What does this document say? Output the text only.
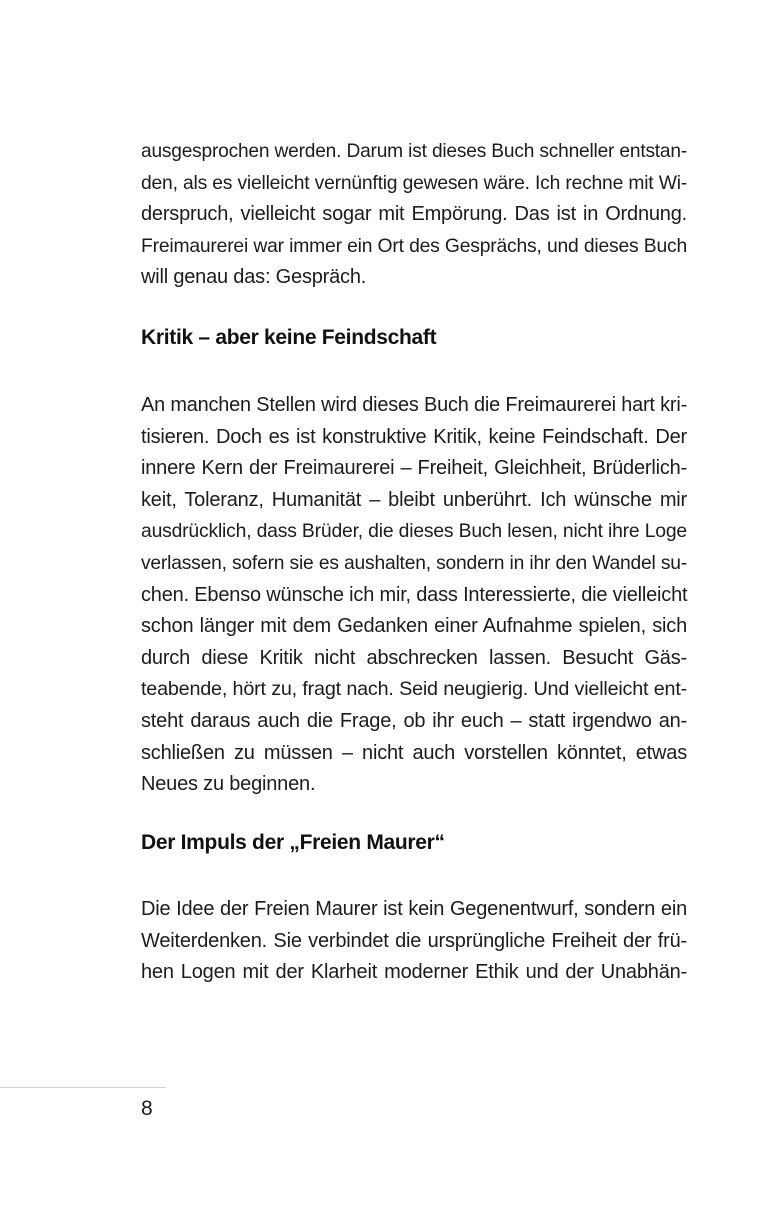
ausgesprochen werden. Darum ist dieses Buch schneller entstan-
den, als es vielleicht vernünftig gewesen wäre. Ich rechne mit Wi-
derspruch, vielleicht sogar mit Empörung. Das ist in Ordnung.
Freimaurerei war immer ein Ort des Gesprächs, und dieses Buch
will genau das: Gespräch.

Kritik – aber keine Feindschaft

An manchen Stellen wird dieses Buch die Freimaurerei hart kri-
tisieren. Doch es ist konstruktive Kritik, keine Feindschaft. Der
innere Kern der Freimaurerei – Freiheit, Gleichheit, Brüderlich-
keit, Toleranz, Humanität – bleibt unberührt. Ich wünsche mir
ausdrücklich, dass Brüder, die dieses Buch lesen, nicht ihre Loge
verlassen, sofern sie es aushalten, sondern in ihr den Wandel su-
chen. Ebenso wünsche ich mir, dass Interessierte, die vielleicht
schon länger mit dem Gedanken einer Aufnahme spielen, sich
durch diese Kritik nicht abschrecken lassen. Besucht Gäs-
teabende, hört zu, fragt nach. Seid neugierig. Und vielleicht ent-
steht daraus auch die Frage, ob ihr euch – statt irgendwo an-
schließen zu müssen – nicht auch vorstellen könntet, etwas
Neues zu beginnen.

Der Impuls der „Freien Maurer“

Die Idee der Freien Maurer ist kein Gegenentwurf, sondern ein
Weiterdenken. Sie verbindet die ursprüngliche Freiheit der frü-
hen Logen mit der Klarheit moderner Ethik und der Unabhän-

8
